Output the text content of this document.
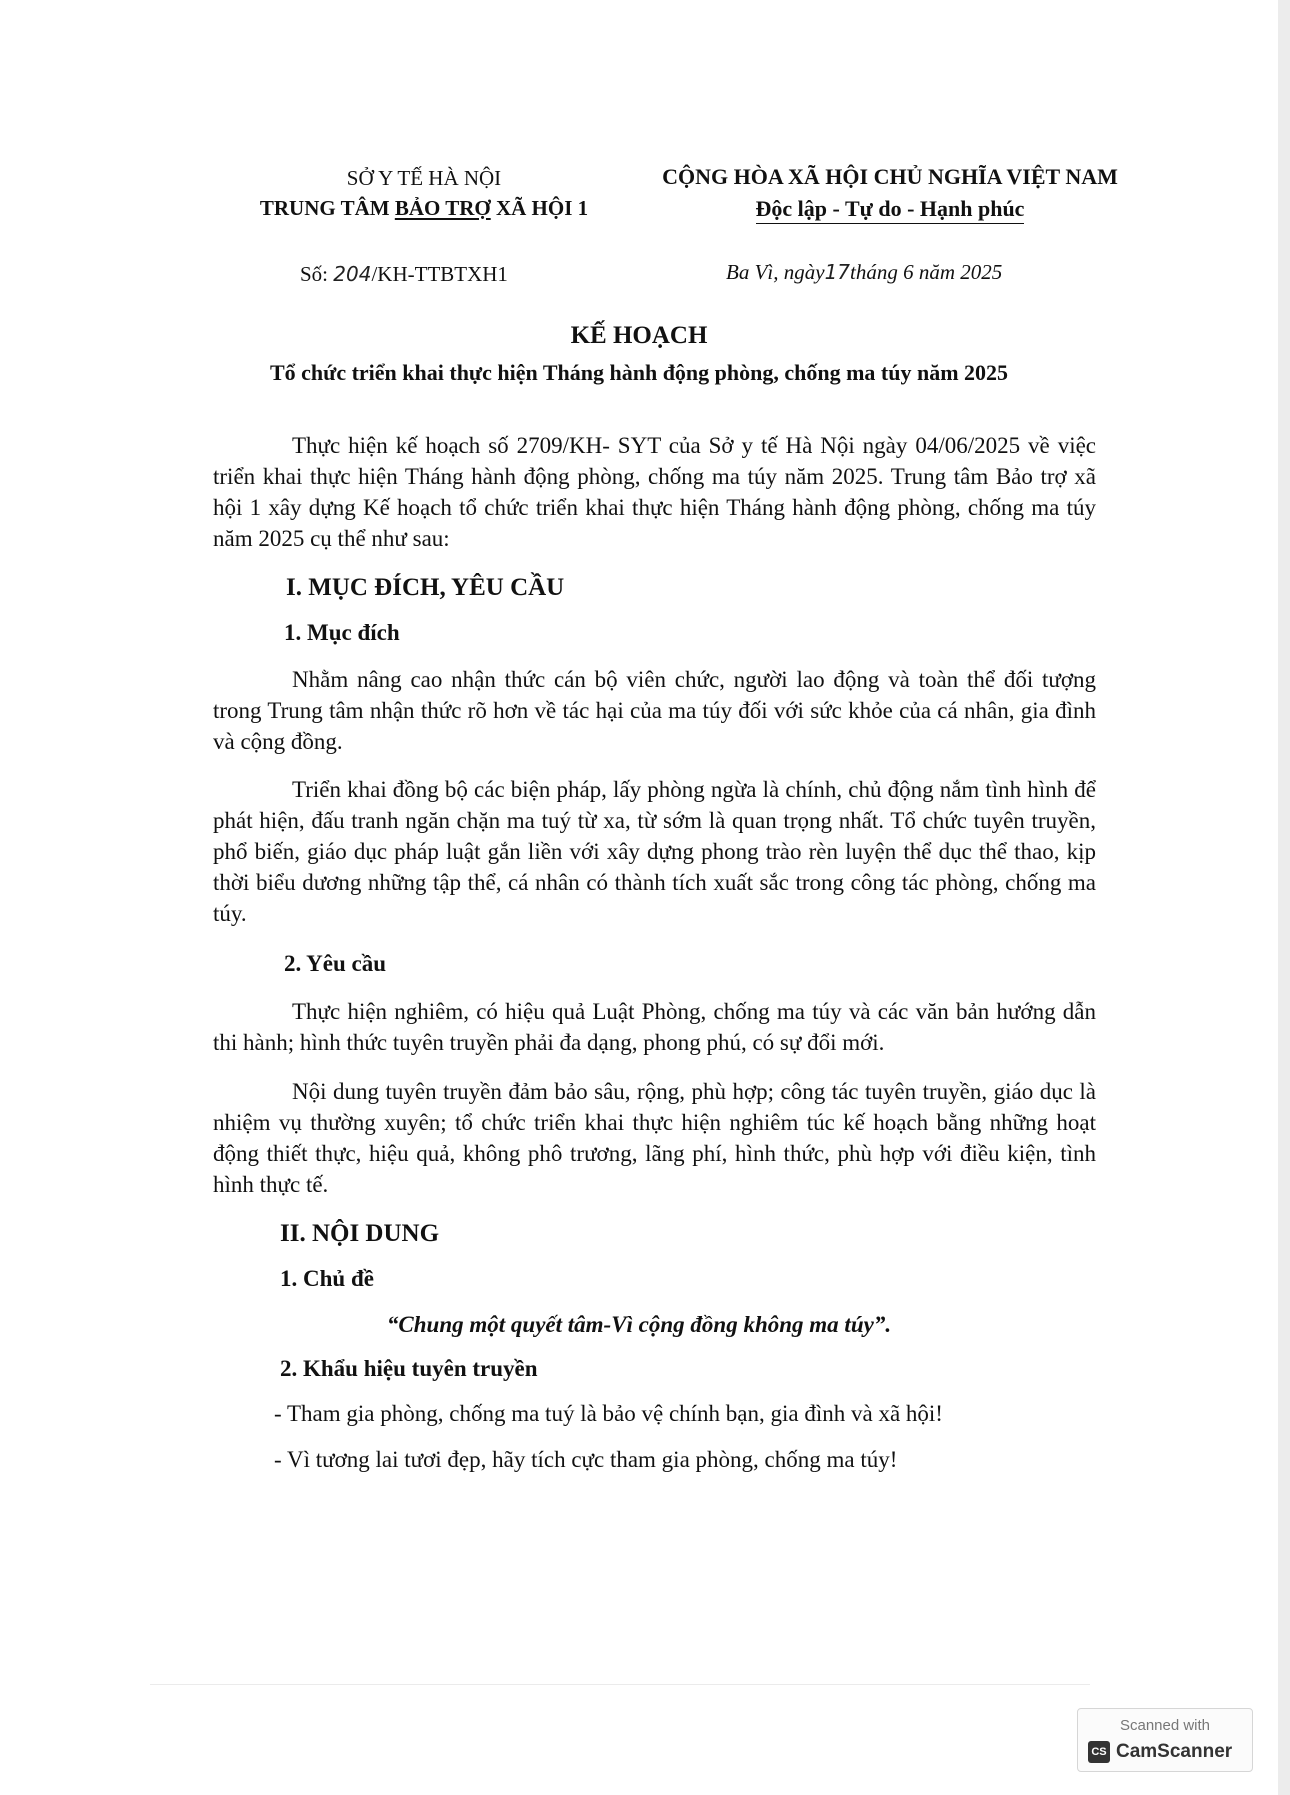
SỞ Y TẾ HÀ NỘI
TRUNG TÂM BẢO TRỢ XÃ HỘI 1
CỘNG HÒA XÃ HỘI CHỦ NGHĨA VIỆT NAM
Độc lập - Tự do - Hạnh phúc
Số: 204/KH-TTBTXH1	Ba Vì, ngày17tháng 6 năm 2025
KẾ HOẠCH
Tổ chức triển khai thực hiện Tháng hành động phòng, chống ma túy năm 2025
Thực hiện kế hoạch số 2709/KH- SYT của Sở y tế Hà Nội ngày 04/06/2025 về việc triển khai thực hiện Tháng hành động phòng, chống ma túy năm 2025. Trung tâm Bảo trợ xã hội 1 xây dựng Kế hoạch tổ chức triển khai thực hiện Tháng hành động phòng, chống ma túy năm 2025 cụ thể như sau:
I. MỤC ĐÍCH, YÊU CẦU
1. Mục đích
Nhằm nâng cao nhận thức cán bộ viên chức, người lao động và toàn thể đối tượng trong Trung tâm nhận thức rõ hơn về tác hại của ma túy đối với sức khỏe của cá nhân, gia đình và cộng đồng.
Triển khai đồng bộ các biện pháp, lấy phòng ngừa là chính, chủ động nắm tình hình để phát hiện, đấu tranh ngăn chặn ma tuý từ xa, từ sớm là quan trọng nhất. Tổ chức tuyên truyền, phổ biến, giáo dục pháp luật gắn liền với xây dựng phong trào rèn luyện thể dục thể thao, kịp thời biểu dương những tập thể, cá nhân có thành tích xuất sắc trong công tác phòng, chống ma túy.
2. Yêu cầu
Thực hiện nghiêm, có hiệu quả Luật Phòng, chống ma túy và các văn bản hướng dẫn thi hành; hình thức tuyên truyền phải đa dạng, phong phú, có sự đổi mới.
Nội dung tuyên truyền đảm bảo sâu, rộng, phù hợp; công tác tuyên truyền, giáo dục là nhiệm vụ thường xuyên; tổ chức triển khai thực hiện nghiêm túc kế hoạch bằng những hoạt động thiết thực, hiệu quả, không phô trương, lãng phí, hình thức, phù hợp với điều kiện, tình hình thực tế.
II. NỘI DUNG
1. Chủ đề
“Chung một quyết tâm-Vì cộng đồng không ma túy”.
2. Khẩu hiệu tuyên truyền
- Tham gia phòng, chống ma tuý là bảo vệ chính bạn, gia đình và xã hội!
- Vì tương lai tươi đẹp, hãy tích cực tham gia phòng, chống ma túy!
Scanned with
CS CamScanner
